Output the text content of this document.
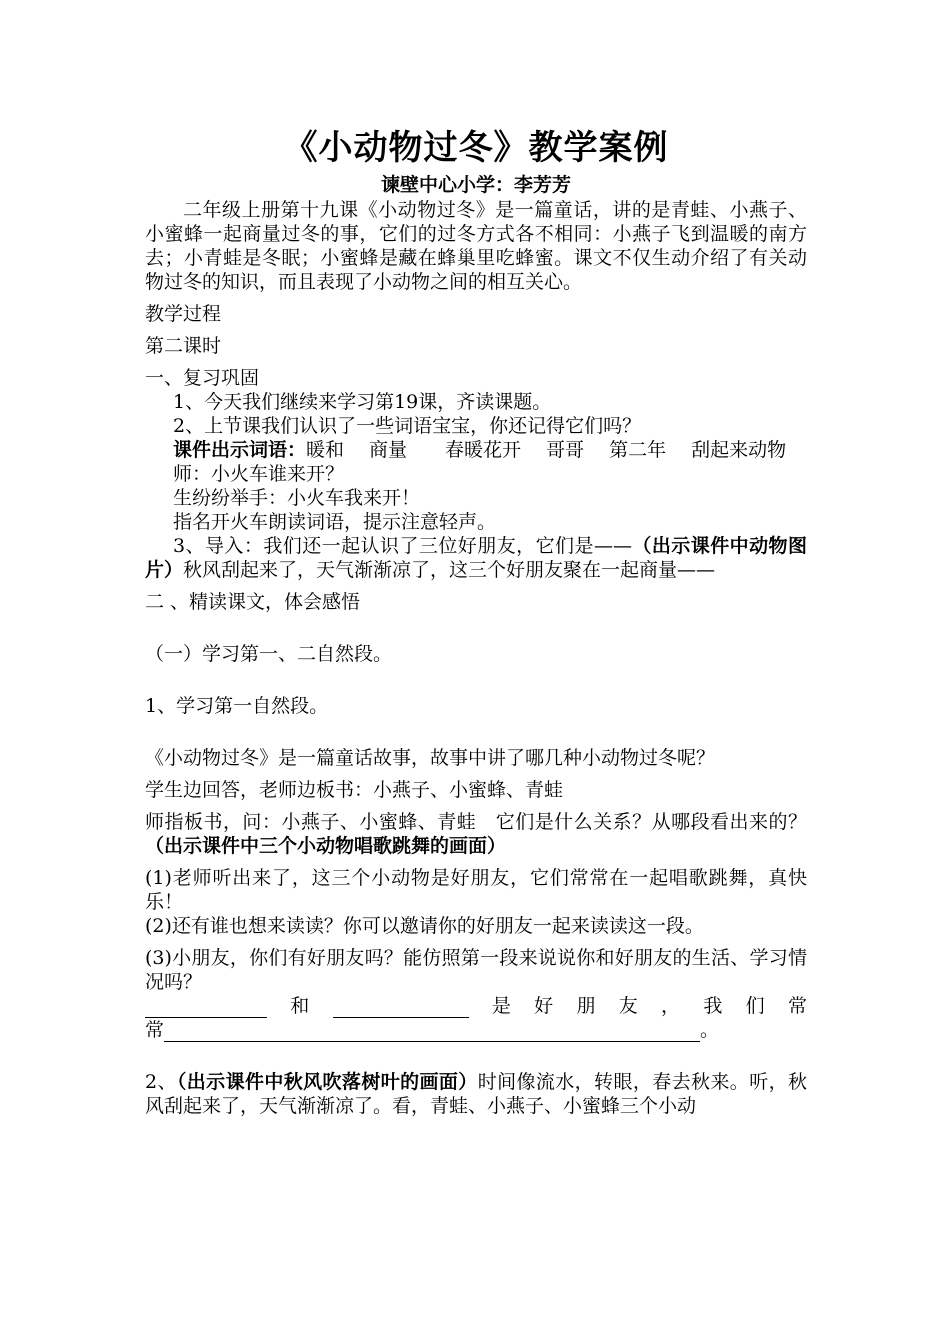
《小动物过冬》教学案例

谏壁中心小学：李芳芳

二年级上册第十九课《小动物过冬》是一篇童话，讲的是青蛙、小燕子、小蜜蜂一起商量过冬的事，它们的过冬方式各不相同：小燕子飞到温暖的南方去；小青蛙是冬眠；小蜜蜂是藏在蜂巢里吃蜂蜜。课文不仅生动介绍了有关动物过冬的知识，而且表现了小动物之间的相互关心。

教学过程

第二课时

一、复习巩固

1、今天我们继续来学习第19课，齐读课题。

2、上节课我们认识了一些词语宝宝，你还记得它们吗？

课件出示词语：暖和　 商量　　春暖花开　 哥哥　 第二年　 刮起来动物

师：小火车谁来开？

生纷纷举手：小火车我来开！

指名开火车朗读词语，提示注意轻声。

3、导入：我们还一起认识了三位好朋友，它们是——（出示课件中动物图片）秋风刮起来了，天气渐渐凉了，这三个好朋友聚在一起商量——

二 、精读课文，体会感悟

（一）学习第一、二自然段。

1、学习第一自然段。

《小动物过冬》是一篇童话故事，故事中讲了哪几种小动物过冬呢？

学生边回答，老师边板书：小燕子、小蜜蜂、青蛙

师指板书，问：小燕子、小蜜蜂、青蛙　它们是什么关系？从哪段看出来的？（出示课件中三个小动物唱歌跳舞的画面）

(1)老师听出来了，这三个小动物是好朋友，它们常常在一起唱歌跳舞，真快乐！

(2)还有谁也想来读读？你可以邀请你的好朋友一起来读读这一段。

(3)小朋友，你们有好朋友吗？能仿照第一段来说说你和好朋友的生活、学习情况吗？

和	是 好 朋 友 ， 我 们 常
常	。

2、（出示课件中秋风吹落树叶的画面）时间像流水，转眼，春去秋来。听，秋风刮起来了，天气渐渐凉了。看，青蛙、小燕子、小蜜蜂三个小动
